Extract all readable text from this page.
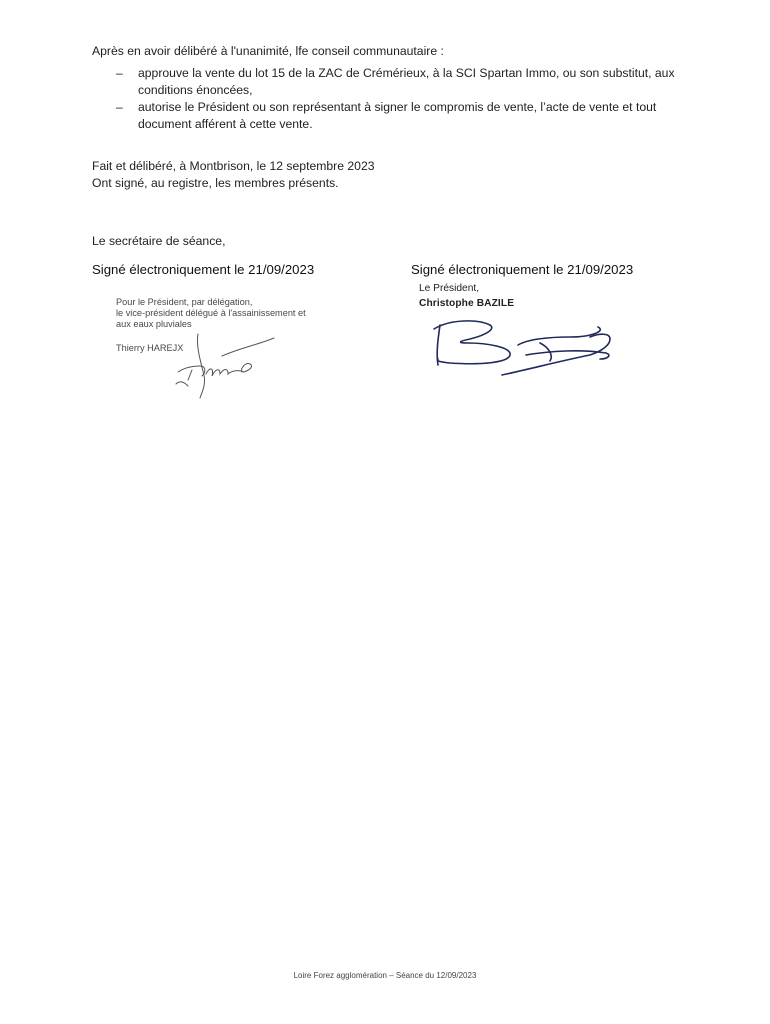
Après en avoir délibéré à l'unanimité, lfe conseil communautaire :
– approuve la vente du lot 15 de la ZAC de Crémérieux, à la SCI Spartan Immo, ou son substitut, aux conditions énoncées,
– autorise le Président ou son représentant à signer le compromis de vente, l’acte de vente et tout document afférent à cette vente.
Fait et délibéré, à Montbrison, le 12 septembre 2023
Ont signé, au registre, les membres présents.
Le secrétaire de séance,
Signé électroniquement le 21/09/2023	Signé électroniquement le 21/09/2023
Pour le Président, par délégation,
le vice-président délégué à l'assainissement et
aux eaux pluviales
Thierry HAREJX
Le Président,
Christophe BAZILE
Loire Forez agglomération – Séance du 12/09/2023
